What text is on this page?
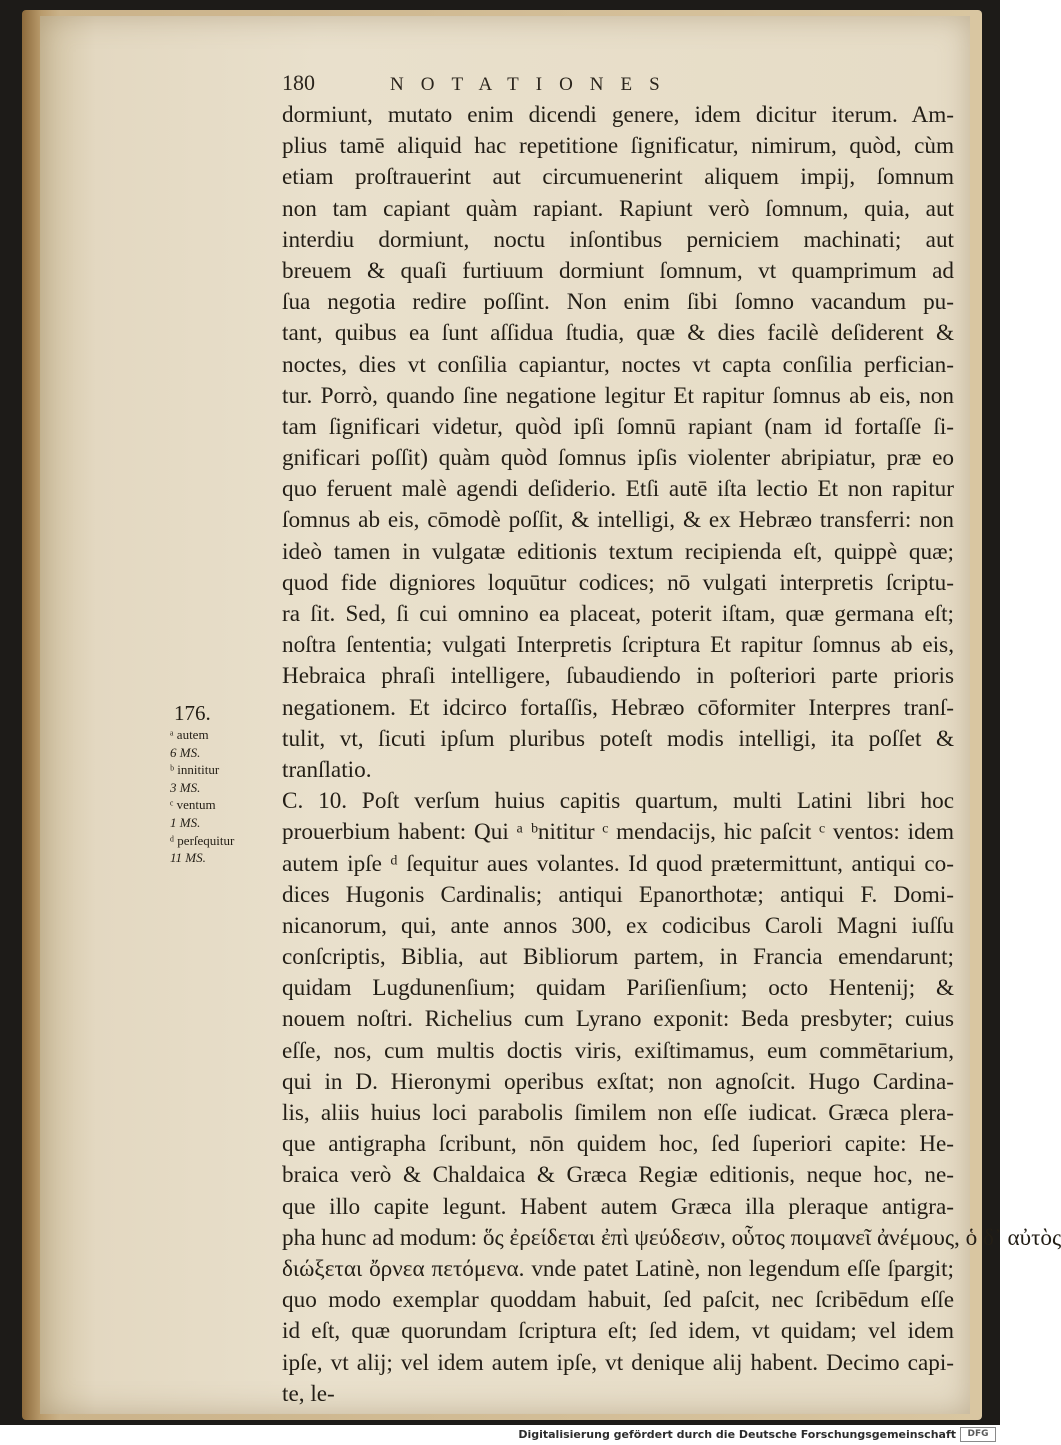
180	NOTATIONES
dormiunt, mutato enim dicendi genere, idem dicitur iterum. Am-
plius tamē aliquid hac repetitione ſignificatur, nimirum, quòd, cùm
etiam proſtrauerint aut circumuenerint aliquem impij, ſomnum
non tam capiant quàm rapiant. Rapiunt verò ſomnum, quia, aut
interdiu dormiunt, noctu inſontibus perniciem machinati; aut
breuem & quaſi furtiuum dormiunt ſomnum, vt quamprimum ad
ſua negotia redire poſſint. Non enim ſibi ſomno vacandum pu-
tant, quibus ea ſunt aſſidua ſtudia, quæ & dies facilè deſiderent &
noctes, dies vt conſilia capiantur, noctes vt capta conſilia perfician-
tur. Porrò, quando ſine negatione legitur Et rapitur ſomnus ab eis, non
tam ſignificari videtur, quòd ipſi ſomnū rapiant (nam id fortaſſe ſi-
gnificari poſſit) quàm quòd ſomnus ipſis violenter abripiatur, præ eo
quo feruent malè agendi deſiderio. Etſi autē iſta lectio Et non rapitur
ſomnus ab eis, cōmodè poſſit, & intelligi, & ex Hebræo transferri: non
ideò tamen in vulgatæ editionis textum recipienda eſt, quippè quæ;
quod fide digniores loquūtur codices; nō vulgati interpretis ſcriptu-
ra ſit. Sed, ſi cui omnino ea placeat, poterit iſtam, quæ germana eſt;
noſtra ſententia; vulgati Interpretis ſcriptura Et rapitur ſomnus ab eis,
Hebraica phraſi intelligere, ſubaudiendo in poſteriori parte prioris
negationem. Et idcirco fortaſſis, Hebræo cōformiter Interpres tranſ-
tulit, vt, ſicuti ipſum pluribus poteſt modis intelligi, ita poſſet &
tranſlatio.
C. 10. Poſt verſum huius capitis quartum, multi Latini libri hoc
prouerbium habent: Qui ᵃ ᵇnititur ᶜ mendacijs, hic paſcit ᶜ ventos: idem
autem ipſe ᵈ ſequitur aues volantes. Id quod prætermittunt, antiqui co-
dices Hugonis Cardinalis; antiqui Epanorthotæ; antiqui F. Domi-
nicanorum, qui, ante annos 300, ex codicibus Caroli Magni iuſſu
conſcriptis, Biblia, aut Bibliorum partem, in Francia emendarunt;
quidam Lugdunenſium; quidam Pariſienſium; octo Hentenij; &
nouem noſtri. Richelius cum Lyrano exponit: Beda presbyter; cuius
eſſe, nos, cum multis doctis viris, exiſtimamus, eum commētarium,
qui in D. Hieronymi operibus exſtat; non agnoſcit. Hugo Cardina-
lis, aliis huius loci parabolis ſimilem non eſſe iudicat. Græca plera-
que antigrapha ſcribunt, nōn quidem hoc, ſed ſuperiori capite: He-
braica verò & Chaldaica & Græca Regiæ editionis, neque hoc, ne-
que illo capite legunt. Habent autem Græca illa pleraque antigra-
pha hunc ad modum: ὅς ἐρείδεται ἐπὶ ψεύδεσιν, οὗτος ποιμανεῖ ἀνέμους, ὁ δ᾽ αὐτὸς
διώξεται ὄρνεα πετόμενα. vnde patet Latinè, non legendum eſſe ſpargit;
quo modo exemplar quoddam habuit, ſed paſcit, nec ſcribēdum eſſe
id eſt, quæ quorundam ſcriptura eſt; ſed idem, vt quidam; vel idem
ipſe, vt alij; vel idem autem ipſe, vt denique alij habent. Decimo capi-
te, le-
176.
ᵃ autem
6 MS.
ᵇ innititur
3 MS.
ᶜ ventum
1 MS.
ᵈ perſequitur
11 MS.
Digitalisierung gefördert durch die Deutsche Forschungsgemeinschaft	DFG
